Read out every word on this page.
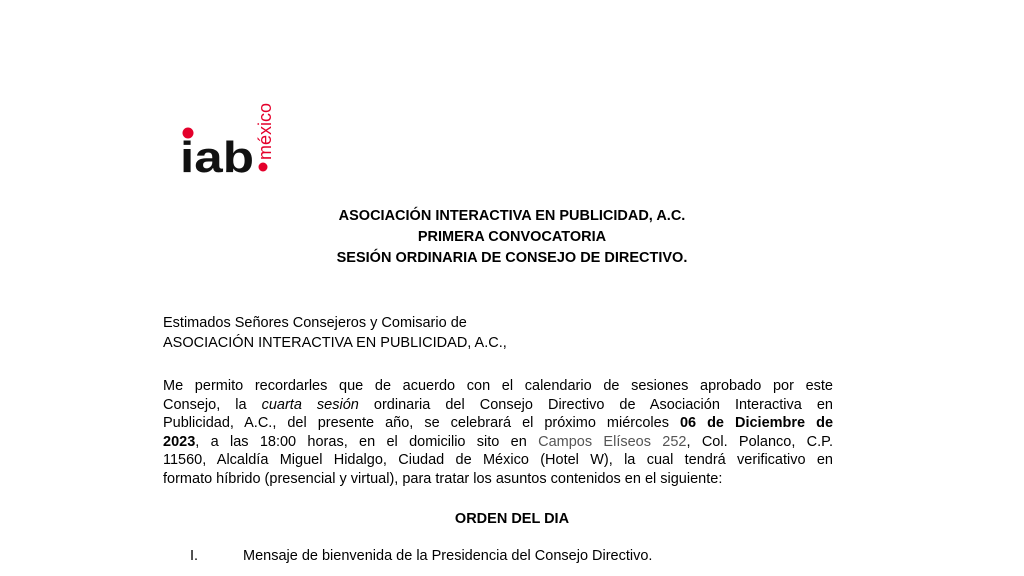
iab méxico
ASOCIACIÓN INTERACTIVA EN PUBLICIDAD, A.C.
PRIMERA CONVOCATORIA
SESIÓN ORDINARIA DE CONSEJO DE DIRECTIVO.
Estimados Señores Consejeros y Comisario de
ASOCIACIÓN INTERACTIVA EN PUBLICIDAD, A.C.,
Me permito recordarles que de acuerdo con el calendario de sesiones aprobado por este
Consejo, la cuarta sesión ordinaria del Consejo Directivo de Asociación Interactiva en
Publicidad, A.C., del presente año, se celebrará el próximo miércoles 06 de Diciembre de
2023, a las 18:00 horas, en el domicilio sito en Campos Elíseos 252, Col. Polanco, C.P.
11560, Alcaldía Miguel Hidalgo, Ciudad de México (Hotel W), la cual tendrá verificativo en
formato híbrido (presencial y virtual), para tratar los asuntos contenidos en el siguiente:
ORDEN DEL DIA
I.	Mensaje de bienvenida de la Presidencia del Consejo Directivo.
